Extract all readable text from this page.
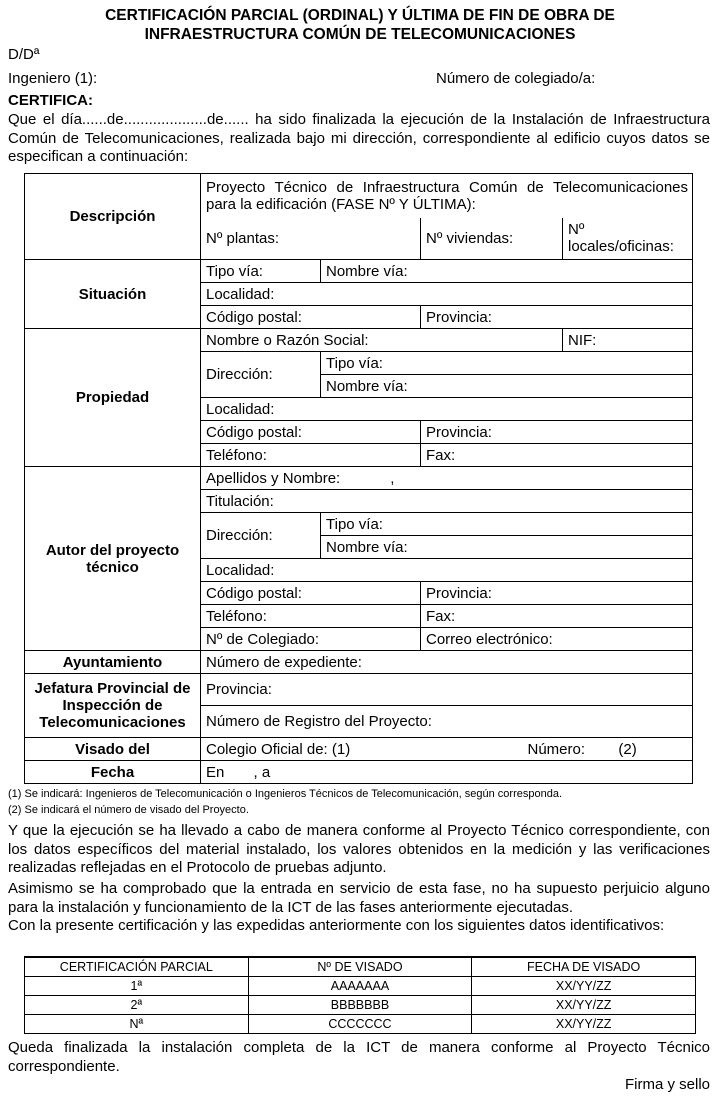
CERTIFICACIÓN PARCIAL (ORDINAL) Y ÚLTIMA DE FIN DE OBRA DE
INFRAESTRUCTURA COMÚN DE TELECOMUNICACIONES
D/Dª
Ingeniero (1):	Número de colegiado/a:
CERTIFICA:
Que el día......de....................de...... ha sido finalizada la ejecución de la Instalación de Infraestructura Común de Telecomunicaciones, realizada bajo mi dirección, correspondiente al edificio cuyos datos se especifican a continuación:
Descripción	Proyecto Técnico de Infraestructura Común de Telecomunicaciones para la edificación (FASE Nº Y ÚLTIMA):				
	Nº plantas:		Nº viviendas:		Nº locales/oficinas:
Situación	Tipo vía:	Nombre vía:			
	Localidad:				
	Código postal:		Provincia:		
Propiedad	Nombre o Razón Social:				NIF:
	Dirección:	Tipo vía:			
		Nombre vía:			
	Localidad:				
	Código postal:		Provincia:		
	Teléfono:		Fax:		
Autor del proyecto técnico	Apellidos y Nombre:            ,				
	Titulación:				
	Dirección:	Tipo vía:			
		Nombre vía:			
	Localidad:				
	Código postal:		Provincia:		
	Teléfono:		Fax:		
	Nº de Colegiado:		Correo electrónico:		
Ayuntamiento	Número de expediente:				
Jefatura Provincial de Inspección de Telecomunicaciones	Provincia:				
	Número de Registro del Proyecto:				
Visado del	Colegio Oficial de: (1)			Número:        (2)	
Fecha	En       , a				
(1) Se indicará: Ingenieros de Telecomunicación o Ingenieros Técnicos de Telecomunicación, según corresponda.
(2) Se indicará el número de visado del Proyecto.
Y que la ejecución se ha llevado a cabo de manera conforme al Proyecto Técnico correspondiente, con los datos específicos del material instalado, los valores obtenidos en la medición y las verificaciones realizadas reflejadas en el Protocolo de pruebas adjunto.
Asimismo se ha comprobado que la entrada en servicio de esta fase, no ha supuesto perjuicio alguno para la instalación y funcionamiento de la ICT de las fases anteriormente ejecutadas.
Con la presente certificación y las expedidas anteriormente con los siguientes datos identificativos:
CERTIFICACIÓN PARCIAL	Nº DE VISADO	FECHA DE VISADO
1ª	AAAAAAA	XX/YY/ZZ
2ª	BBBBBBB	XX/YY/ZZ
Nª	CCCCCCC	XX/YY/ZZ
Queda finalizada la instalación completa de la ICT de manera conforme al Proyecto Técnico correspondiente.
Firma y sello
